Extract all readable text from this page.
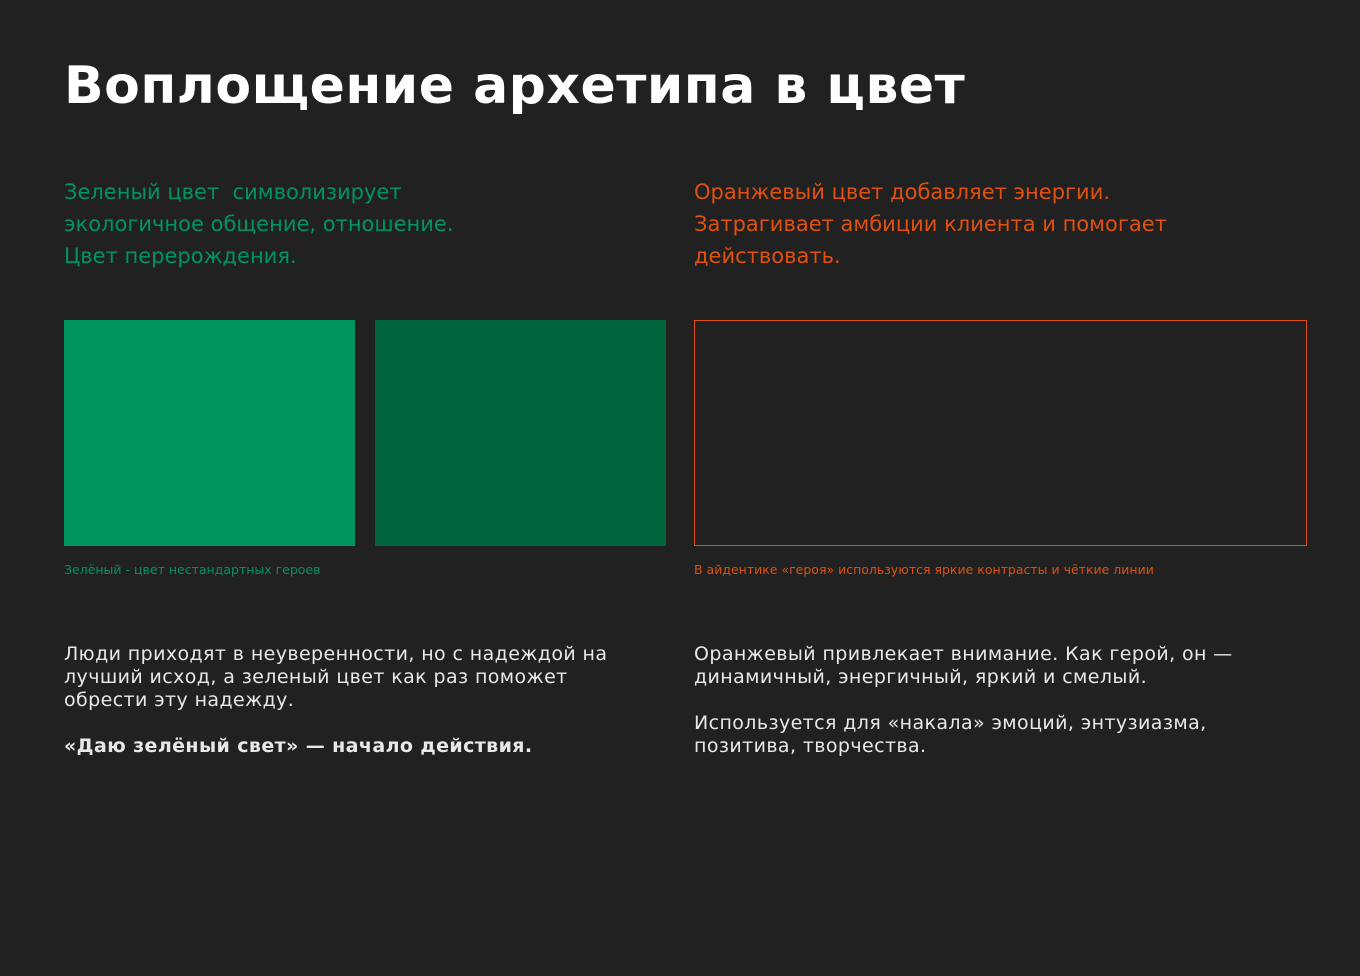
Воплощение архетипа в цвет
Зеленый цвет  символизирует
экологичное общение, отношение.
Цвет перерождения.
Оранжевый цвет добавляет энергии.
Затрагивает амбиции клиента и помогает
действовать.
Зелёный - цвет нестандартных героев	В айдентике «героя» используются яркие контрасты и чёткие линии

Люди приходят в неуверенности, но с надеждой на лучший исход, а зеленый цвет как раз поможет обрести эту надежду.

«Даю зелёный свет» — начало действия.

Оранжевый привлекает внимание. Как герой, он — динамичный, энергичный, яркий и смелый.

Используется для «накала» эмоций, энтузиазма, позитива, творчества.
